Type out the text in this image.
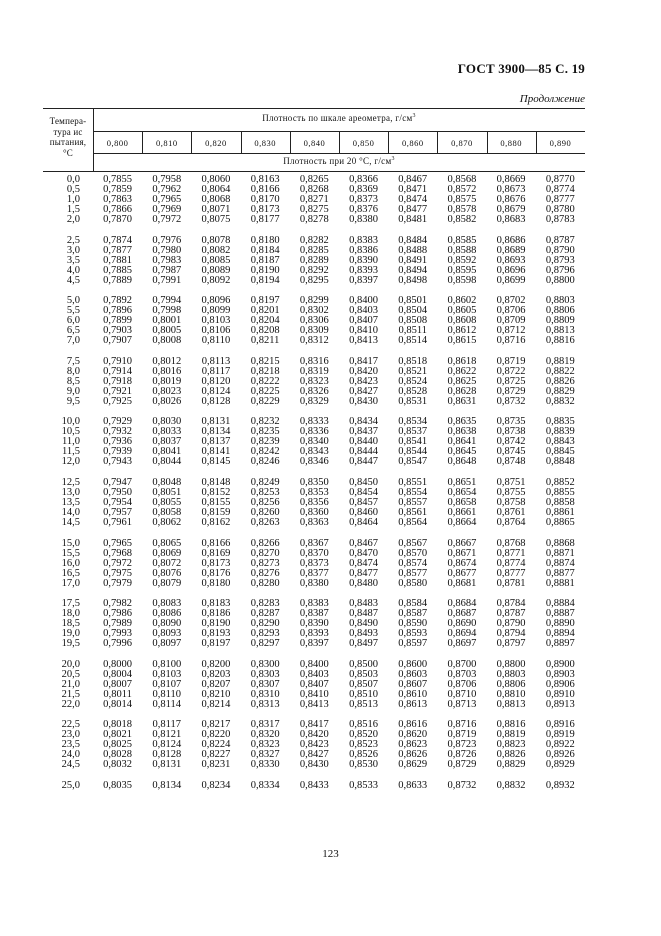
ГОСТ 3900—85 С. 19
Продолжение
Темпера-
тура ис
пытания,
°С
Плотность по шкале ареометра, $г/см^3$
0,800	0,810	0,820	0,830	0,840	0,850	0,860	0,870	0,880	0,890
Плотность при 20 °С, $г/см^3$
0,0	0,7855	0,7958	0,8060	0,8163	0,8265	0,8366	0,8467	0,8568	0,8669	0,8770
0,5	0,7859	0,7962	0,8064	0,8166	0,8268	0,8369	0,8471	0,8572	0,8673	0,8774
1,0	0,7863	0,7965	0,8068	0,8170	0,8271	0,8373	0,8474	0,8575	0,8676	0,8777
1,5	0,7866	0,7969	0,8071	0,8173	0,8275	0,8376	0,8477	0,8578	0,8679	0,8780
2,0	0,7870	0,7972	0,8075	0,8177	0,8278	0,8380	0,8481	0,8582	0,8683	0,8783
2,5	0,7874	0,7976	0,8078	0,8180	0,8282	0,8383	0,8484	0,8585	0,8686	0,8787
3,0	0,7877	0,7980	0,8082	0,8184	0,8285	0,8386	0,8488	0,8588	0,8689	0,8790
3,5	0,7881	0,7983	0,8085	0,8187	0,8289	0,8390	0,8491	0,8592	0,8693	0,8793
4,0	0,7885	0,7987	0,8089	0,8190	0,8292	0,8393	0,8494	0,8595	0,8696	0,8796
4,5	0,7889	0,7991	0,8092	0,8194	0,8295	0,8397	0,8498	0,8598	0,8699	0,8800
5,0	0,7892	0,7994	0,8096	0,8197	0,8299	0,8400	0,8501	0,8602	0,8702	0,8803
5,5	0,7896	0,7998	0,8099	0,8201	0,8302	0,8403	0,8504	0,8605	0,8706	0,8806
6,0	0,7899	0,8001	0,8103	0,8204	0,8306	0,8407	0,8508	0,8608	0,8709	0,8809
6,5	0,7903	0,8005	0,8106	0,8208	0,8309	0,8410	0,8511	0,8612	0,8712	0,8813
7,0	0,7907	0,8008	0,8110	0,8211	0,8312	0,8413	0,8514	0,8615	0,8716	0,8816
7,5	0,7910	0,8012	0,8113	0,8215	0,8316	0,8417	0,8518	0,8618	0,8719	0,8819
8,0	0,7914	0,8016	0,8117	0,8218	0,8319	0,8420	0,8521	0,8622	0,8722	0,8822
8,5	0,7918	0,8019	0,8120	0,8222	0,8323	0,8423	0,8524	0,8625	0,8725	0,8826
9,0	0,7921	0,8023	0,8124	0,8225	0,8326	0,8427	0,8528	0,8628	0,8729	0,8829
9,5	0,7925	0,8026	0,8128	0,8229	0,8329	0,8430	0,8531	0,8631	0,8732	0,8832
10,0	0,7929	0,8030	0,8131	0,8232	0,8333	0,8434	0,8534	0,8635	0,8735	0,8835
10,5	0,7932	0,8033	0,8134	0,8235	0,8336	0,8437	0,8537	0,8638	0,8738	0,8839
11,0	0,7936	0,8037	0,8137	0,8239	0,8340	0,8440	0,8541	0,8641	0,8742	0,8843
11,5	0,7939	0,8041	0,8141	0,8242	0,8343	0,8444	0,8544	0,8645	0,8745	0,8845
12,0	0,7943	0,8044	0,8145	0,8246	0,8346	0,8447	0,8547	0,8648	0,8748	0,8848
12,5	0,7947	0,8048	0,8148	0,8249	0,8350	0,8450	0,8551	0,8651	0,8751	0,8852
13,0	0,7950	0,8051	0,8152	0,8253	0,8353	0,8454	0,8554	0,8654	0,8755	0,8855
13,5	0,7954	0,8055	0,8155	0,8256	0,8356	0,8457	0,8557	0,8658	0,8758	0,8858
14,0	0,7957	0,8058	0,8159	0,8260	0,8360	0,8460	0,8561	0,8661	0,8761	0,8861
14,5	0,7961	0,8062	0,8162	0,8263	0,8363	0,8464	0,8564	0,8664	0,8764	0,8865
15,0	0,7965	0,8065	0,8166	0,8266	0,8367	0,8467	0,8567	0,8667	0,8768	0,8868
15,5	0,7968	0,8069	0,8169	0,8270	0,8370	0,8470	0,8570	0,8671	0,8771	0,8871
16,0	0,7972	0,8072	0,8173	0,8273	0,8373	0,8474	0,8574	0,8674	0,8774	0,8874
16,5	0,7975	0,8076	0,8176	0,8276	0,8377	0,8477	0,8577	0,8677	0,8777	0,8877
17,0	0,7979	0,8079	0,8180	0,8280	0,8380	0,8480	0,8580	0,8681	0,8781	0,8881
17,5	0,7982	0,8083	0,8183	0,8283	0,8383	0,8483	0,8584	0,8684	0,8784	0,8884
18,0	0,7986	0,8086	0,8186	0,8287	0,8387	0,8487	0,8587	0,8687	0,8787	0,8887
18,5	0,7989	0,8090	0,8190	0,8290	0,8390	0,8490	0,8590	0,8690	0,8790	0,8890
19,0	0,7993	0,8093	0,8193	0,8293	0,8393	0,8493	0,8593	0,8694	0,8794	0,8894
19,5	0,7996	0,8097	0,8197	0,8297	0,8397	0,8497	0,8597	0,8697	0,8797	0,8897
20,0	0,8000	0,8100	0,8200	0,8300	0,8400	0,8500	0,8600	0,8700	0,8800	0,8900
20,5	0,8004	0,8103	0,8203	0,8303	0,8403	0,8503	0,8603	0,8703	0,8803	0,8903
21,0	0,8007	0,8107	0,8207	0,8307	0,8407	0,8507	0,8607	0,8706	0,8806	0,8906
21,5	0,8011	0,8110	0,8210	0,8310	0,8410	0,8510	0,8610	0,8710	0,8810	0,8910
22,0	0,8014	0,8114	0,8214	0,8313	0,8413	0,8513	0,8613	0,8713	0,8813	0,8913
22,5	0,8018	0,8117	0,8217	0,8317	0,8417	0,8516	0,8616	0,8716	0,8816	0,8916
23,0	0,8021	0,8121	0,8220	0,8320	0,8420	0,8520	0,8620	0,8719	0,8819	0,8919
23,5	0,8025	0,8124	0,8224	0,8323	0,8423	0,8523	0,8623	0,8723	0,8823	0,8922
24,0	0,8028	0,8128	0,8227	0,8327	0,8427	0,8526	0,8626	0,8726	0,8826	0,8926
24,5	0,8032	0,8131	0,8231	0,8330	0,8430	0,8530	0,8629	0,8729	0,8829	0,8929
25,0	0,8035	0,8134	0,8234	0,8334	0,8433	0,8533	0,8633	0,8732	0,8832	0,8932
123
